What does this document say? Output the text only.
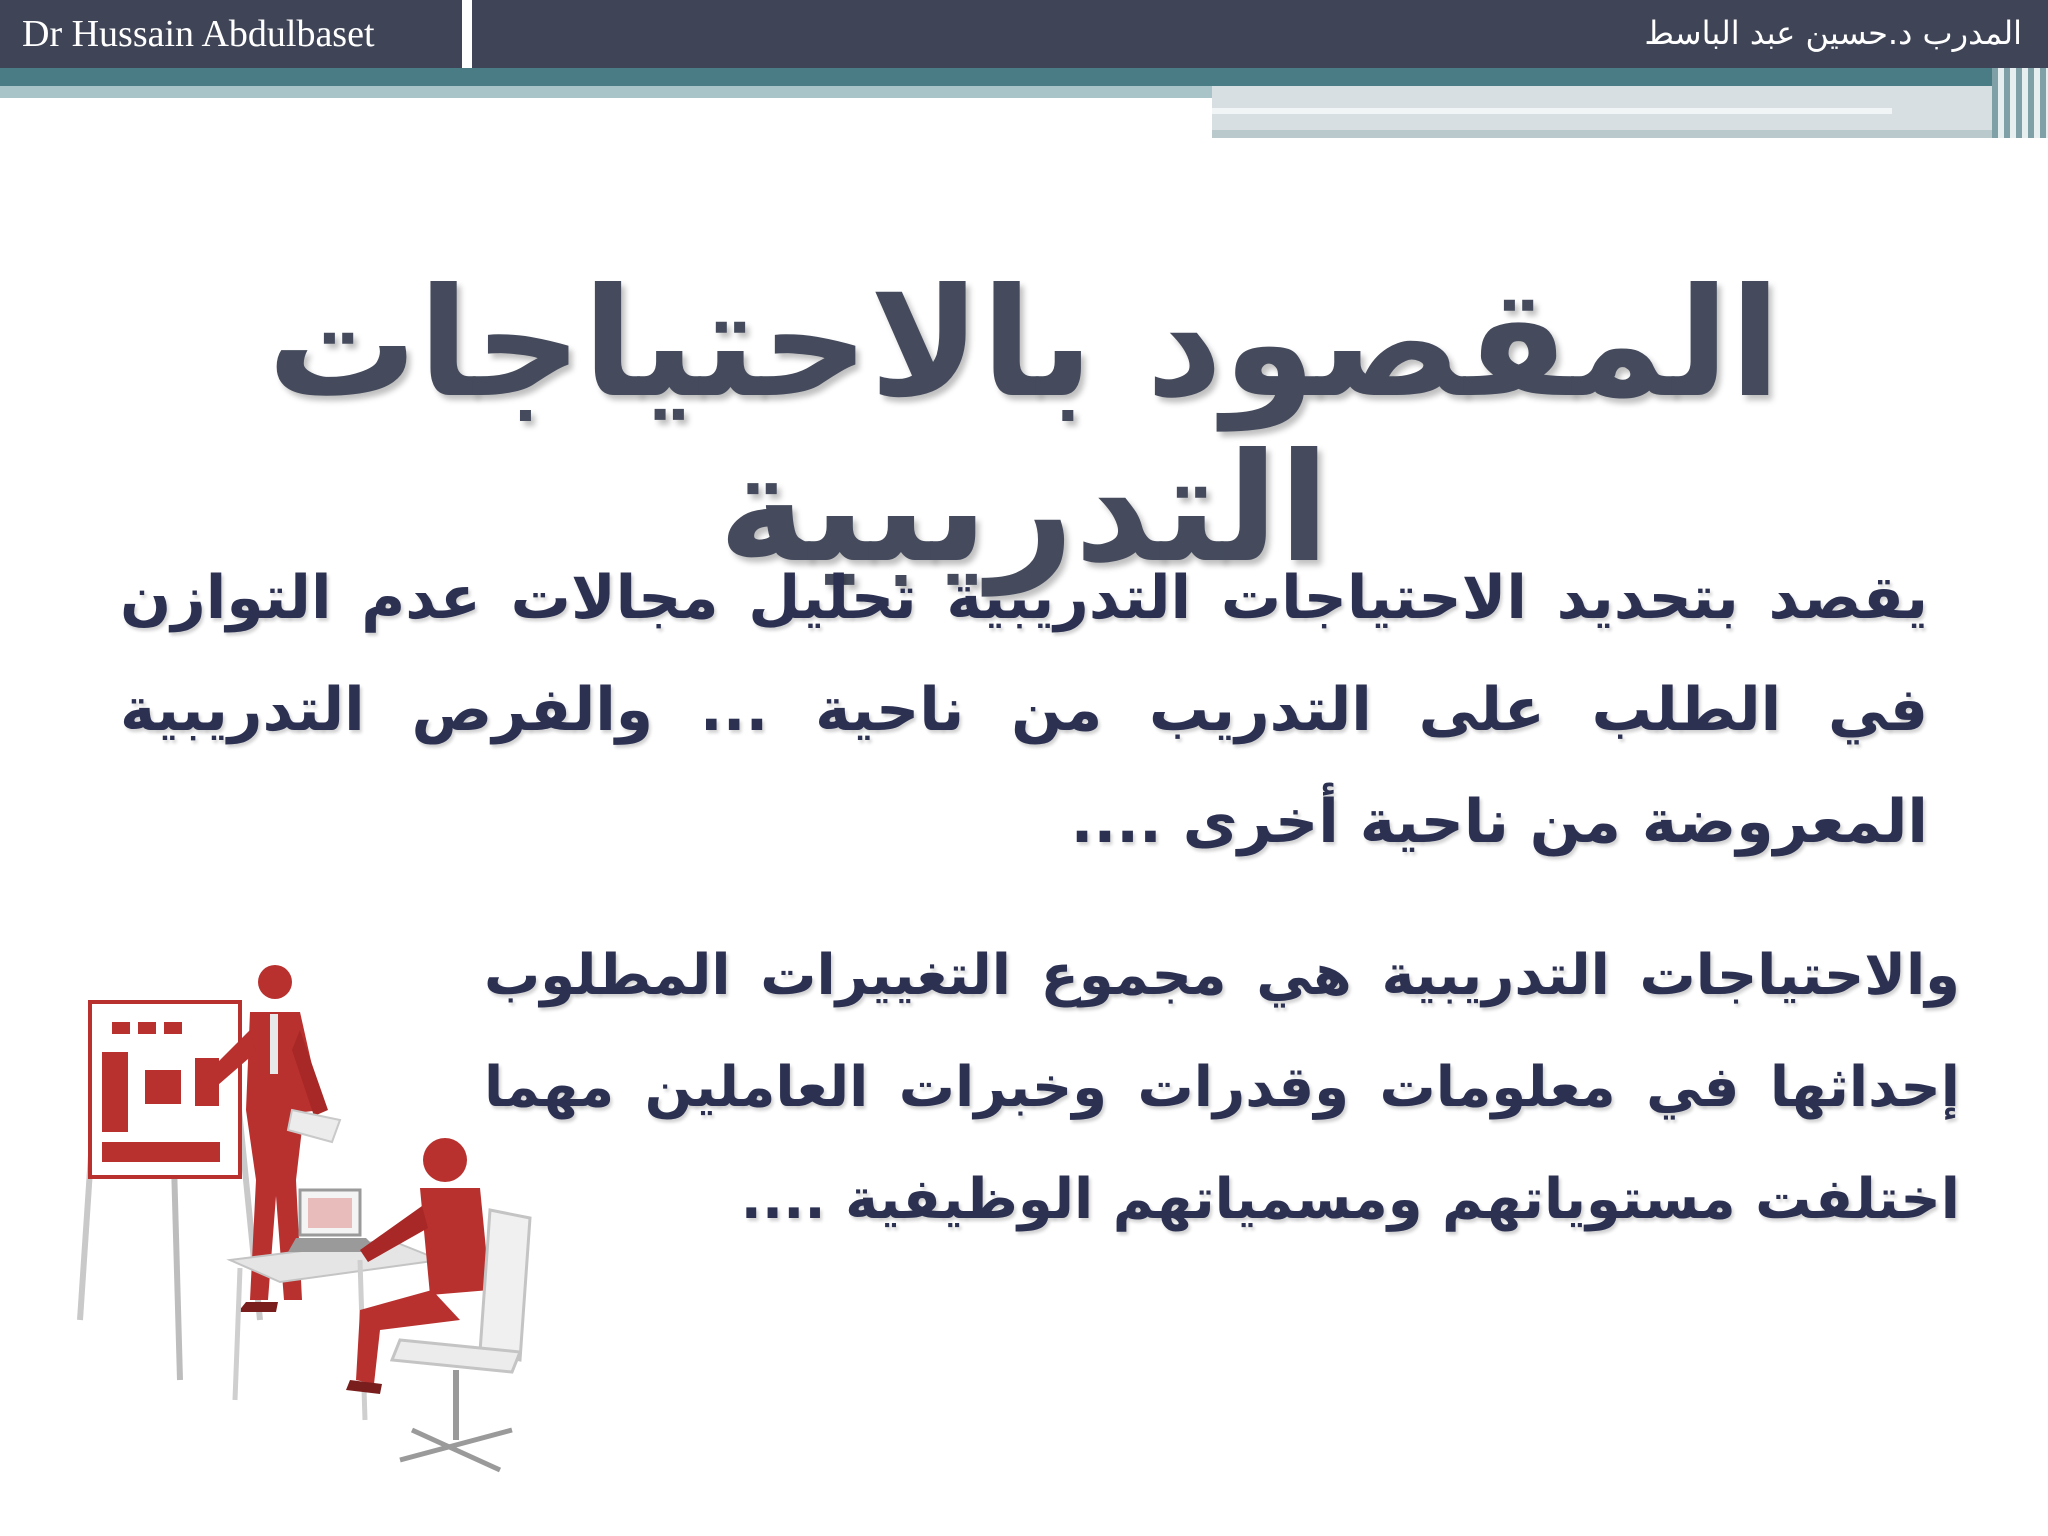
Dr Hussain Abdulbaset	المدرب د.حسين عبد الباسط
المقصود بالاحتياجات التدريبية
يقصد بتحديد الاحتياجات التدريبية تحليل مجالات عدم التوازن في الطلب على التدريب من ناحية ... والفرص التدريبية المعروضة من ناحية أخرى ....
والاحتياجات التدريبية هي مجموع التغييرات المطلوب إحداثها في معلومات وقدرات وخبرات العاملين مهما اختلفت مستوياتهم ومسمياتهم الوظيفية ....
